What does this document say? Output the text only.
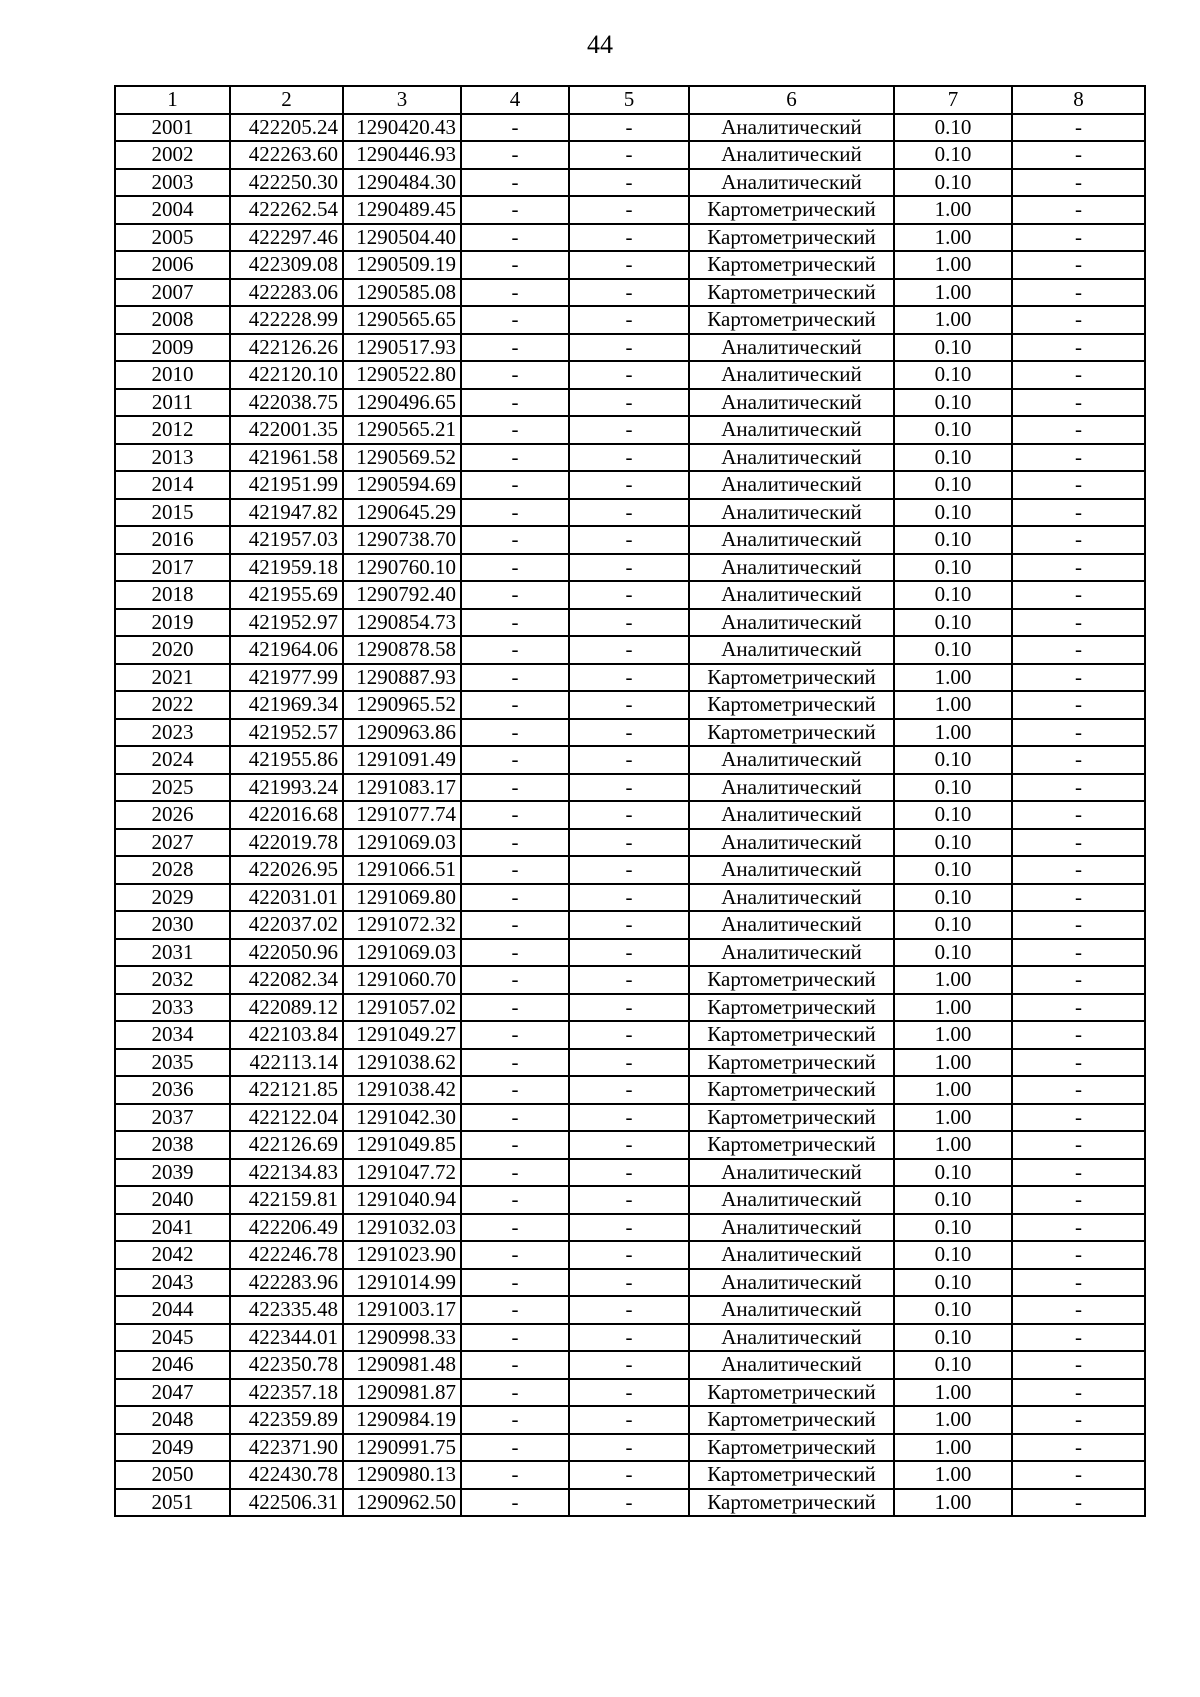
44
1	2	3	4	5	6	7	8
2001	422205.24	1290420.43	-	-	Аналитический	0.10	-
2002	422263.60	1290446.93	-	-	Аналитический	0.10	-
2003	422250.30	1290484.30	-	-	Аналитический	0.10	-
2004	422262.54	1290489.45	-	-	Картометрический	1.00	-
2005	422297.46	1290504.40	-	-	Картометрический	1.00	-
2006	422309.08	1290509.19	-	-	Картометрический	1.00	-
2007	422283.06	1290585.08	-	-	Картометрический	1.00	-
2008	422228.99	1290565.65	-	-	Картометрический	1.00	-
2009	422126.26	1290517.93	-	-	Аналитический	0.10	-
2010	422120.10	1290522.80	-	-	Аналитический	0.10	-
2011	422038.75	1290496.65	-	-	Аналитический	0.10	-
2012	422001.35	1290565.21	-	-	Аналитический	0.10	-
2013	421961.58	1290569.52	-	-	Аналитический	0.10	-
2014	421951.99	1290594.69	-	-	Аналитический	0.10	-
2015	421947.82	1290645.29	-	-	Аналитический	0.10	-
2016	421957.03	1290738.70	-	-	Аналитический	0.10	-
2017	421959.18	1290760.10	-	-	Аналитический	0.10	-
2018	421955.69	1290792.40	-	-	Аналитический	0.10	-
2019	421952.97	1290854.73	-	-	Аналитический	0.10	-
2020	421964.06	1290878.58	-	-	Аналитический	0.10	-
2021	421977.99	1290887.93	-	-	Картометрический	1.00	-
2022	421969.34	1290965.52	-	-	Картометрический	1.00	-
2023	421952.57	1290963.86	-	-	Картометрический	1.00	-
2024	421955.86	1291091.49	-	-	Аналитический	0.10	-
2025	421993.24	1291083.17	-	-	Аналитический	0.10	-
2026	422016.68	1291077.74	-	-	Аналитический	0.10	-
2027	422019.78	1291069.03	-	-	Аналитический	0.10	-
2028	422026.95	1291066.51	-	-	Аналитический	0.10	-
2029	422031.01	1291069.80	-	-	Аналитический	0.10	-
2030	422037.02	1291072.32	-	-	Аналитический	0.10	-
2031	422050.96	1291069.03	-	-	Аналитический	0.10	-
2032	422082.34	1291060.70	-	-	Картометрический	1.00	-
2033	422089.12	1291057.02	-	-	Картометрический	1.00	-
2034	422103.84	1291049.27	-	-	Картометрический	1.00	-
2035	422113.14	1291038.62	-	-	Картометрический	1.00	-
2036	422121.85	1291038.42	-	-	Картометрический	1.00	-
2037	422122.04	1291042.30	-	-	Картометрический	1.00	-
2038	422126.69	1291049.85	-	-	Картометрический	1.00	-
2039	422134.83	1291047.72	-	-	Аналитический	0.10	-
2040	422159.81	1291040.94	-	-	Аналитический	0.10	-
2041	422206.49	1291032.03	-	-	Аналитический	0.10	-
2042	422246.78	1291023.90	-	-	Аналитический	0.10	-
2043	422283.96	1291014.99	-	-	Аналитический	0.10	-
2044	422335.48	1291003.17	-	-	Аналитический	0.10	-
2045	422344.01	1290998.33	-	-	Аналитический	0.10	-
2046	422350.78	1290981.48	-	-	Аналитический	0.10	-
2047	422357.18	1290981.87	-	-	Картометрический	1.00	-
2048	422359.89	1290984.19	-	-	Картометрический	1.00	-
2049	422371.90	1290991.75	-	-	Картометрический	1.00	-
2050	422430.78	1290980.13	-	-	Картометрический	1.00	-
2051	422506.31	1290962.50	-	-	Картометрический	1.00	-
